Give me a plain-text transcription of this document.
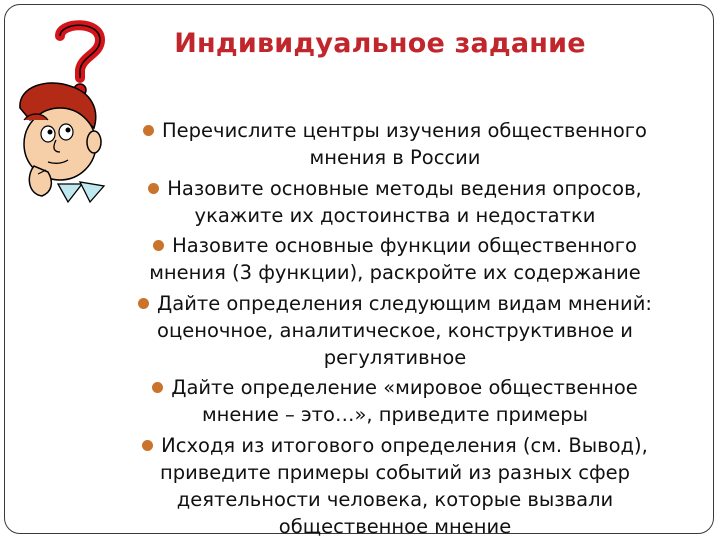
Индивидуальное задание
Перечислите центры изучения общественного
мнения в России
Назовите основные методы ведения опросов,
укажите их достоинства и недостатки
Назовите основные функции общественного
мнения (3 функции), раскройте их содержание
Дайте определения следующим видам мнений:
оценочное, аналитическое, конструктивное и
регулятивное
Дайте определение «мировое общественное
мнение – это…», приведите примеры
Исходя из итогового определения (см. Вывод),
приведите примеры событий из разных сфер
деятельности человека, которые вызвали
общественное мнение
